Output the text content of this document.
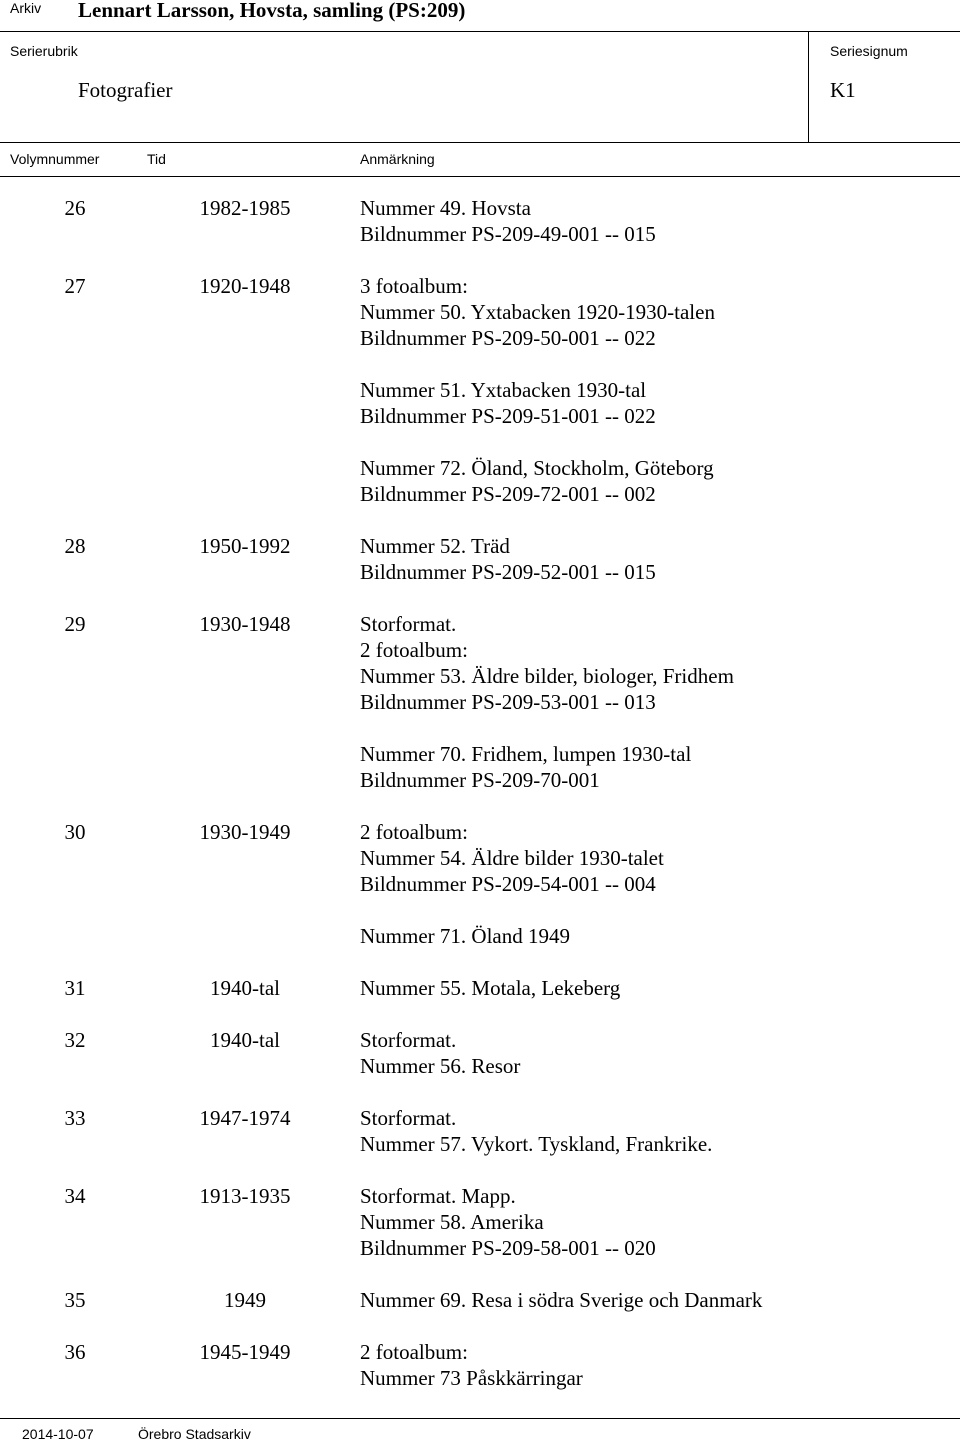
Arkiv Lennart Larsson, Hovsta, samling (PS:209)
Serierubrik
Fotografier
Seriesignum
K1
Volymnummer	Tid	Anmärkning
26	1982-1985	Nummer 49. Hovsta
Bildnummer PS-209-49-001 -- 015
27	1920-1948	3 fotoalbum:
Nummer 50. Yxtabacken 1920-1930-talen
Bildnummer PS-209-50-001 -- 022
Nummer 51. Yxtabacken 1930-tal
Bildnummer PS-209-51-001 -- 022
Nummer 72. Öland, Stockholm, Göteborg
Bildnummer PS-209-72-001 -- 002
28	1950-1992	Nummer 52. Träd
Bildnummer PS-209-52-001 -- 015
29	1930-1948	Storformat.
2 fotoalbum:
Nummer 53. Äldre bilder, biologer, Fridhem
Bildnummer PS-209-53-001 -- 013
Nummer 70. Fridhem, lumpen 1930-tal
Bildnummer PS-209-70-001
30	1930-1949	2 fotoalbum:
Nummer 54. Äldre bilder 1930-talet
Bildnummer PS-209-54-001 -- 004
Nummer 71. Öland 1949
31	1940-tal	Nummer 55. Motala, Lekeberg
32	1940-tal	Storformat.
Nummer 56. Resor
33	1947-1974	Storformat.
Nummer 57. Vykort. Tyskland, Frankrike.
34	1913-1935	Storformat. Mapp.
Nummer 58. Amerika
Bildnummer PS-209-58-001 -- 020
35	1949	Nummer 69. Resa i södra Sverige och Danmark
36	1945-1949	2 fotoalbum:
Nummer 73 Påskkärringar
2014-10-07	Örebro Stadsarkiv
